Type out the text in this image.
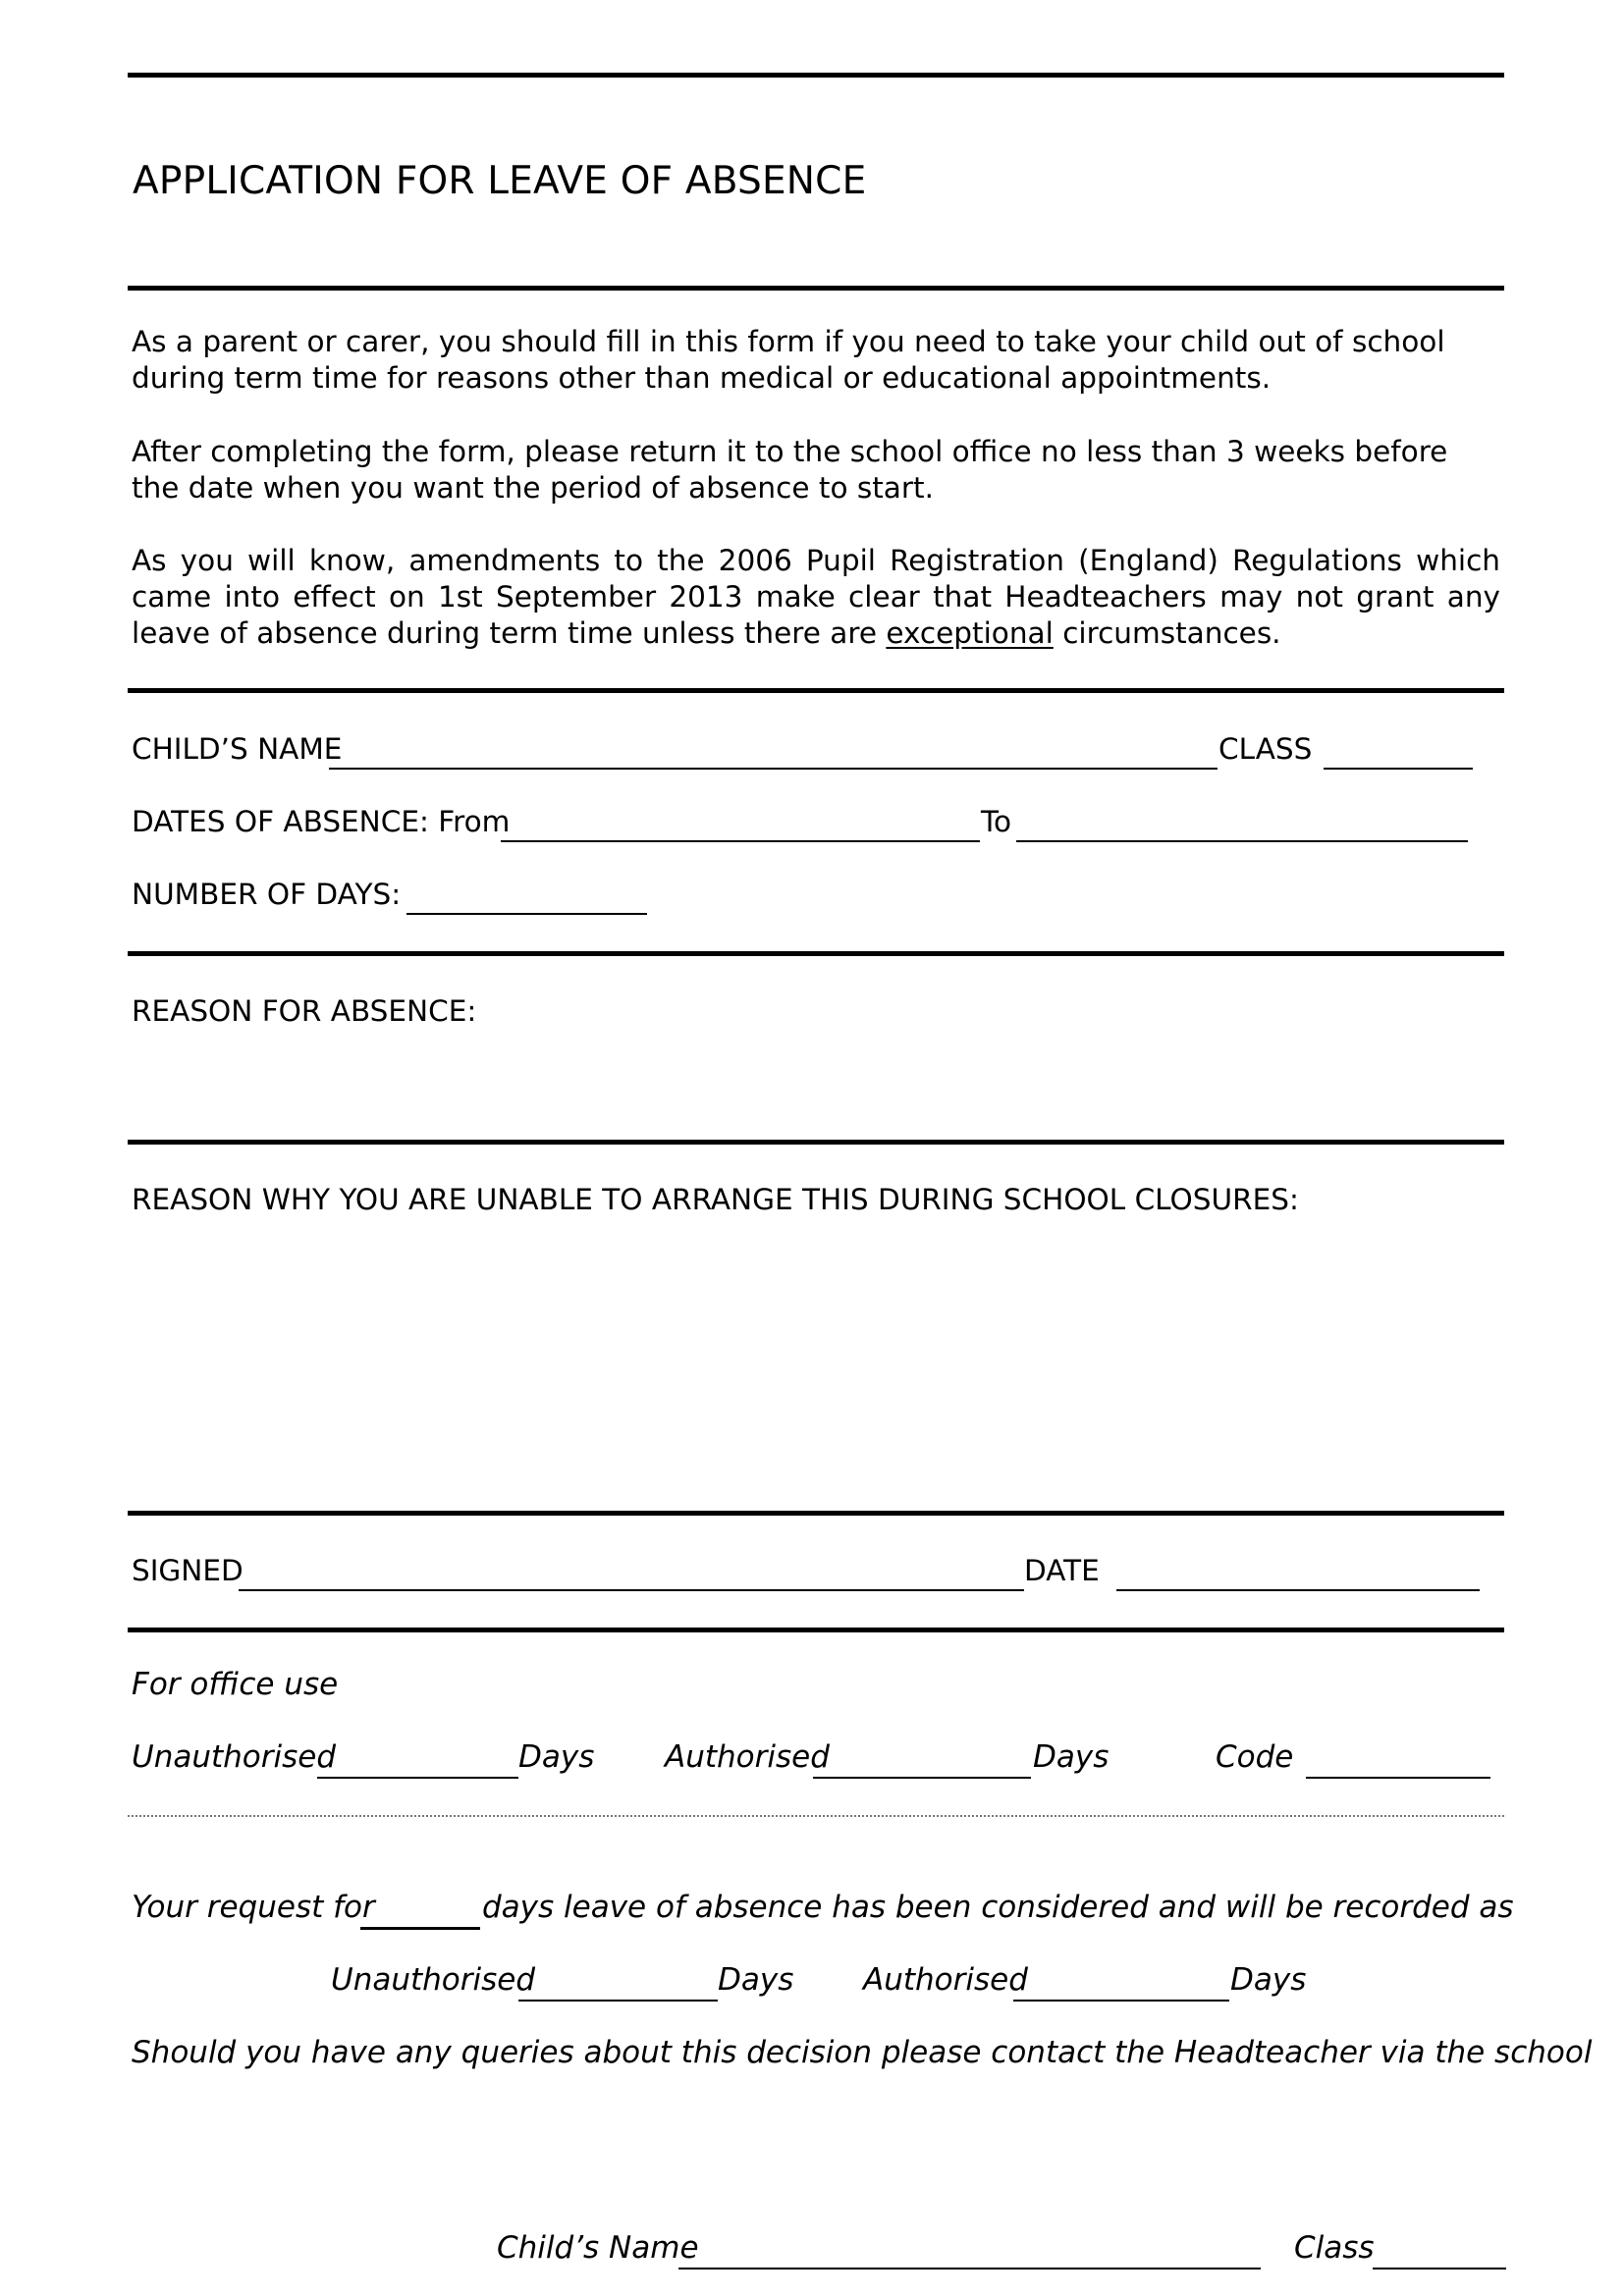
APPLICATION FOR LEAVE OF ABSENCE
As a parent or carer, you should fill in this form if you need to take your child out of school during term time for reasons other than medical or educational appointments.
After completing the form, please return it to the school office no less than 3 weeks before the date when you want the period of absence to start.
As you will know, amendments to the 2006 Pupil Registration (England) Regulations which came into effect on 1st September 2013 make clear that Headteachers may not grant any leave of absence during term time unless there are exceptional circumstances.
CHILD’S NAME	CLASS
DATES OF ABSENCE: From	To
NUMBER OF DAYS:
REASON FOR ABSENCE:
REASON WHY YOU ARE UNABLE TO ARRANGE THIS DURING SCHOOL CLOSURES:
SIGNED	DATE
For office use
Unauthorised	Days Authorised	Days	Code
Your request for	days leave of absence has been considered and will be recorded as
Unauthorised	Days Authorised	Days
Should you have any queries about this decision please contact the Headteacher via the school
Child’s Name	Class
